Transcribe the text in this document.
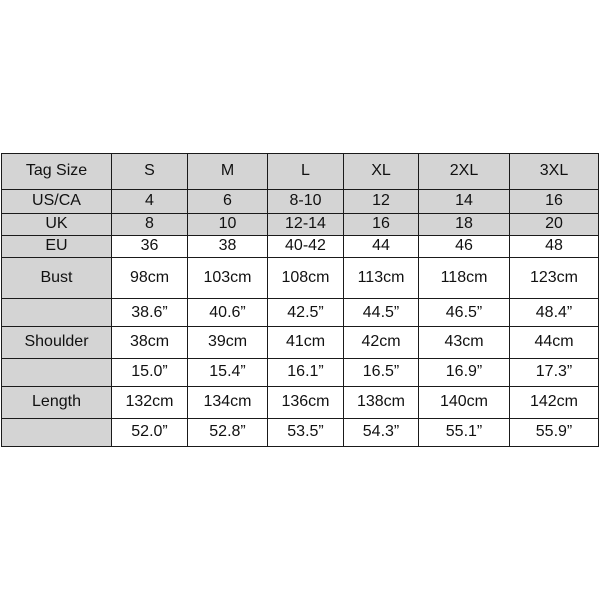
Tag Size	S	M	L	XL	2XL	3XL
US/CA	4	6	8-10	12	14	16
UK	8	10	12-14	16	18	20
EU	36	38	40-42	44	46	48
Bust	98cm	103cm	108cm	113cm	118cm	123cm
	38.6”	40.6”	42.5”	44.5”	46.5”	48.4”
Shoulder	38cm	39cm	41cm	42cm	43cm	44cm
	15.0”	15.4”	16.1”	16.5”	16.9”	17.3”
Length	132cm	134cm	136cm	138cm	140cm	142cm
	52.0”	52.8”	53.5”	54.3”	55.1”	55.9”
